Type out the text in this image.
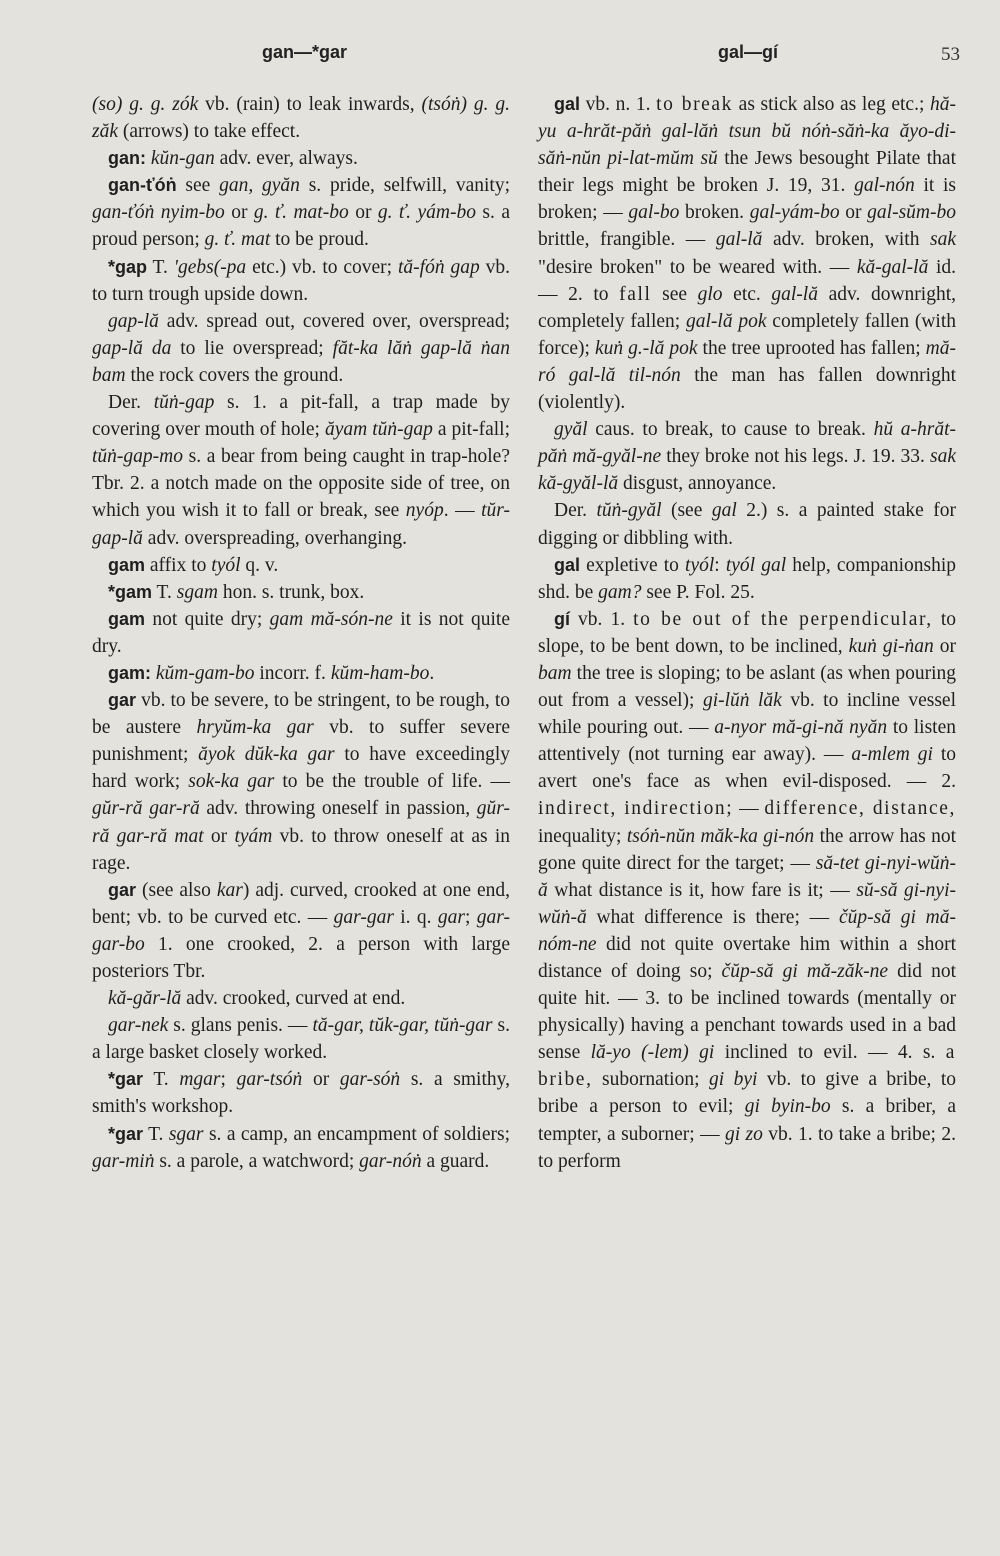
gan—*gar	gal—gí	53

(so) g. g. zók vb. (rain) to leak inwards, (tsóṅ) g. g. zăk (arrows) to take effect.

gan: kŭn-gan adv. ever, always.

gan-ťóṅ see gan, gyăn s. pride, selfwill, vanity; gan-ťóṅ nyim-bo or g. ť. mat-bo or g. ť. yám-bo s. a proud person; g. ť. mat to be proud.

*gap T. 'gebs(-pa etc.) vb. to cover; tă-fóṅ gap vb. to turn trough upside down.

gap-lă adv. spread out, covered over, overspread; gap-lă da to lie overspread; făt-ka lăṅ gap-lă ṅan bam the rock covers the ground.

Der. tŭṅ-gap s. 1. a pit-fall, a trap made by covering over mouth of hole; ăyam tŭṅ-gap a pit-fall; tŭṅ-gap-mo s. a bear from being caught in trap-hole? Tbr. 2. a notch made on the opposite side of tree, on which you wish it to fall or break, see nyóp. — tŭr-gap-lă adv. overspreading, overhanging.

gam affix to tyól q. v.

*gam T. sgam hon. s. trunk, box.

gam not quite dry; gam mă-són-ne it is not quite dry.

gam: kŭm-gam-bo incorr. f. kŭm-ham-bo.

gar vb. to be severe, to be stringent, to be rough, to be austere hryŭm-ka gar vb. to suffer severe punishment; ăyok dŭk-ka gar to have exceedingly hard work; sok-ka gar to be the trouble of life. — gŭr-ră gar-ră adv. throwing oneself in passion, gŭr-ră gar-ră mat or tyám vb. to throw oneself at as in rage.

gar (see also kar) adj. curved, crooked at one end, bent; vb. to be curved etc. — gar-gar i. q. gar; gar-gar-bo 1. one crooked, 2. a person with large posteriors Tbr.

kă-găr-lă adv. crooked, curved at end.

gar-nek s. glans penis. — tă-gar, tŭk-gar, tŭṅ-gar s. a large basket closely worked.

*gar T. mgar; gar-tsóṅ or gar-sóṅ s. a smithy, smith's workshop.

*gar T. sgar s. a camp, an encampment of soldiers; gar-miṅ s. a parole, a watchword; gar-nóṅ a guard.

gal vb. n. 1. to break as stick also as leg etc.; hă-yu a-hrăt-păṅ gal-lăṅ tsun bŭ nóṅ-săṅ-ka ăyo-di-săṅ-nŭn pi-lat-mŭm sŭ the Jews besought Pilate that their legs might be broken J. 19, 31. gal-nón it is broken; — gal-bo broken. gal-yám-bo or gal-sŭm-bo brittle, frangible. — gal-lă adv. broken, with sak "desire broken" to be weared with. — kă-gal-lă id. — 2. to fall see glo etc. gal-lă adv. downright, completely fallen; gal-lă pok completely fallen (with force); kuṅ g.-lă pok the tree uprooted has fallen; mă-ró gal-lă til-nón the man has fallen downright (violently).

gyăl caus. to break, to cause to break. hŭ a-hrăt-păṅ mă-gyăl-ne they broke not his legs. J. 19. 33. sak kă-gyăl-lă disgust, annoyance.

Der. tŭṅ-gyăl (see gal 2.) s. a painted stake for digging or dibbling with.

gal expletive to tyól: tyól gal help, companionship shd. be gam? see P. Fol. 25.

gí vb. 1. to be out of the perpendicular, to slope, to be bent down, to be inclined, kuṅ gi-ṅan or bam the tree is sloping; to be aslant (as when pouring out from a vessel); gi-lŭṅ lăk vb. to incline vessel while pouring out. — a-nyor mă-gi-nă nyăn to listen attentively (not turning ear away). — a-mlem gi to avert one's face as when evil-disposed. — 2. indirect, indirection; — difference, distance, inequality; tsóṅ-nŭn măk-ka gi-nón the arrow has not gone quite direct for the target; — să-tet gi-nyi-wŭṅ-ă what distance is it, how fare is it; — sŭ-să gi-nyi-wŭṅ-ă what difference is there; — čŭp-să gi mă-nóm-ne did not quite overtake him within a short distance of doing so; čŭp-să gi mă-zăk-ne did not quite hit. — 3. to be inclined towards (mentally or physically) having a penchant towards used in a bad sense lă-yo (-lem) gi inclined to evil. — 4. s. a bribe, subornation; gi byi vb. to give a bribe, to bribe a person to evil; gi byin-bo s. a briber, a tempter, a suborner; — gi zo vb. 1. to take a bribe; 2. to perform
